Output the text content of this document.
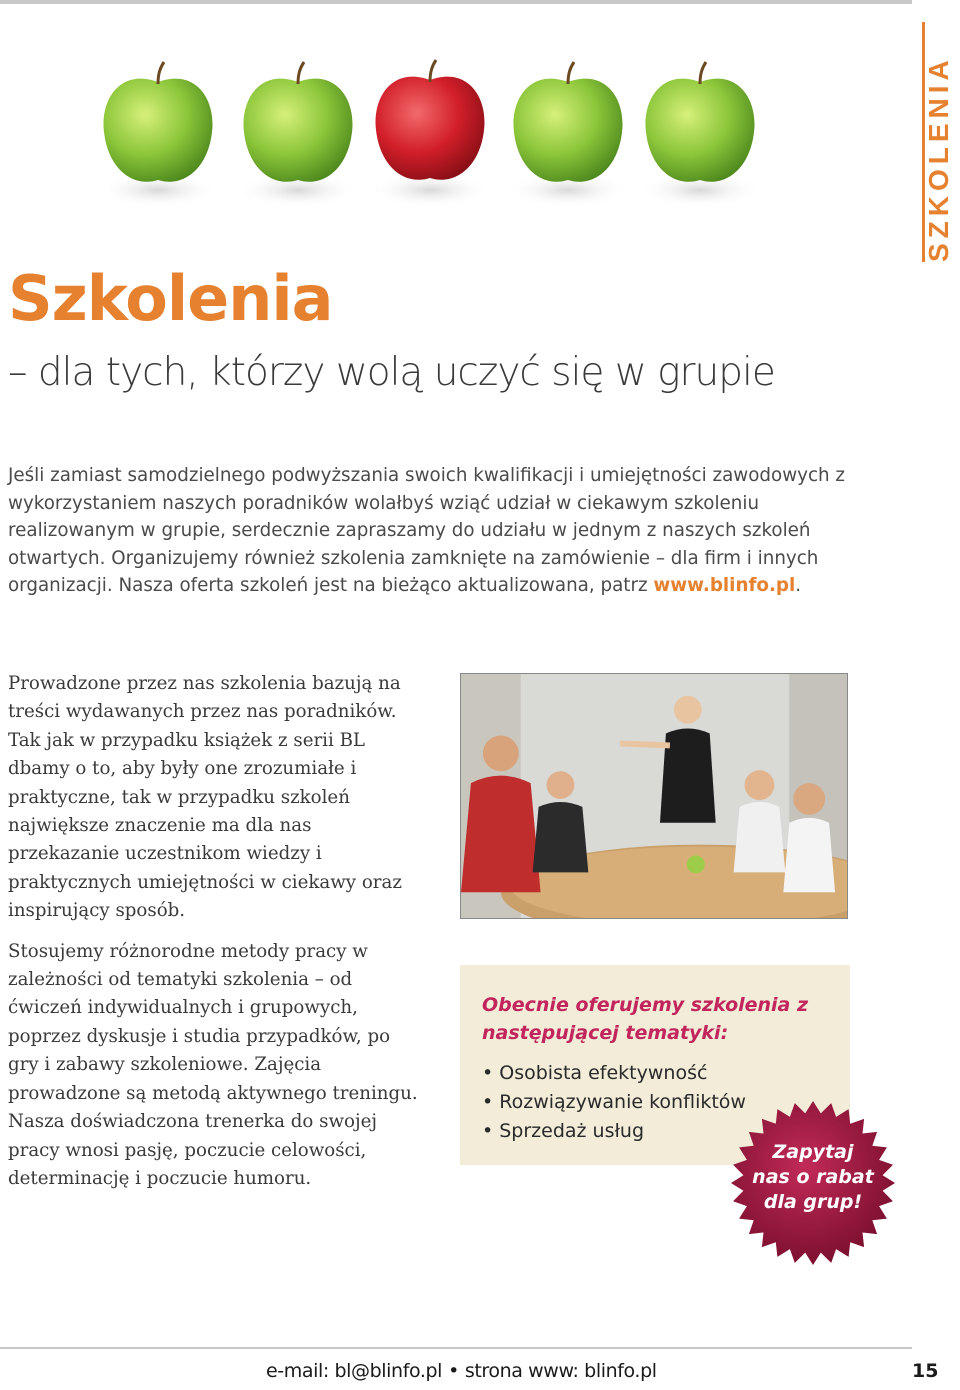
SZKOLENIA
Szkolenia
– dla tych, którzy wolą uczyć się w grupie

Jeśli zamiast samodzielnego podwyższania swoich kwalifikacji i umiejętności zawodowych z wykorzystaniem naszych poradników wolałbyś wziąć udział w ciekawym szkoleniu realizowanym w grupie, serdecznie zapraszamy do udziału w jednym z naszych szkoleń otwartych. Organizujemy również szkolenia zamknięte na zamówienie – dla firm i innych organizacji. Nasza oferta szkoleń jest na bieżąco aktualizowana, patrz www.blinfo.pl.

Prowadzone przez nas szkolenia bazują na treści wydawanych przez nas poradników. Tak jak w przypadku książek z serii BL dbamy o to, aby były one zrozumiałe i praktyczne, tak w przypadku szkoleń największe znaczenie ma dla nas przekazanie uczestnikom wiedzy i praktycznych umiejętności w ciekawy oraz inspirujący sposób.

Stosujemy różnorodne metody pracy w zależności od tematyki szkolenia – od ćwiczeń indywidualnych i grupowych, poprzez dyskusje i studia przypadków, po gry i zabawy szkoleniowe. Zajęcia prowadzone są metodą aktywnego treningu. Nasza doświadczona trenerka do swojej pracy wnosi pasję, poczucie celowości, determinację i poczucie humoru.

Obecnie oferujemy szkolenia z następującej tematyki:

• Osobista efektywność
• Rozwiązywanie konfliktów
• Sprzedaż usług
Zapytaj
nas o rabat
dla grup!
e-mail: bl@blinfo.pl • strona www: blinfo.pl	15
